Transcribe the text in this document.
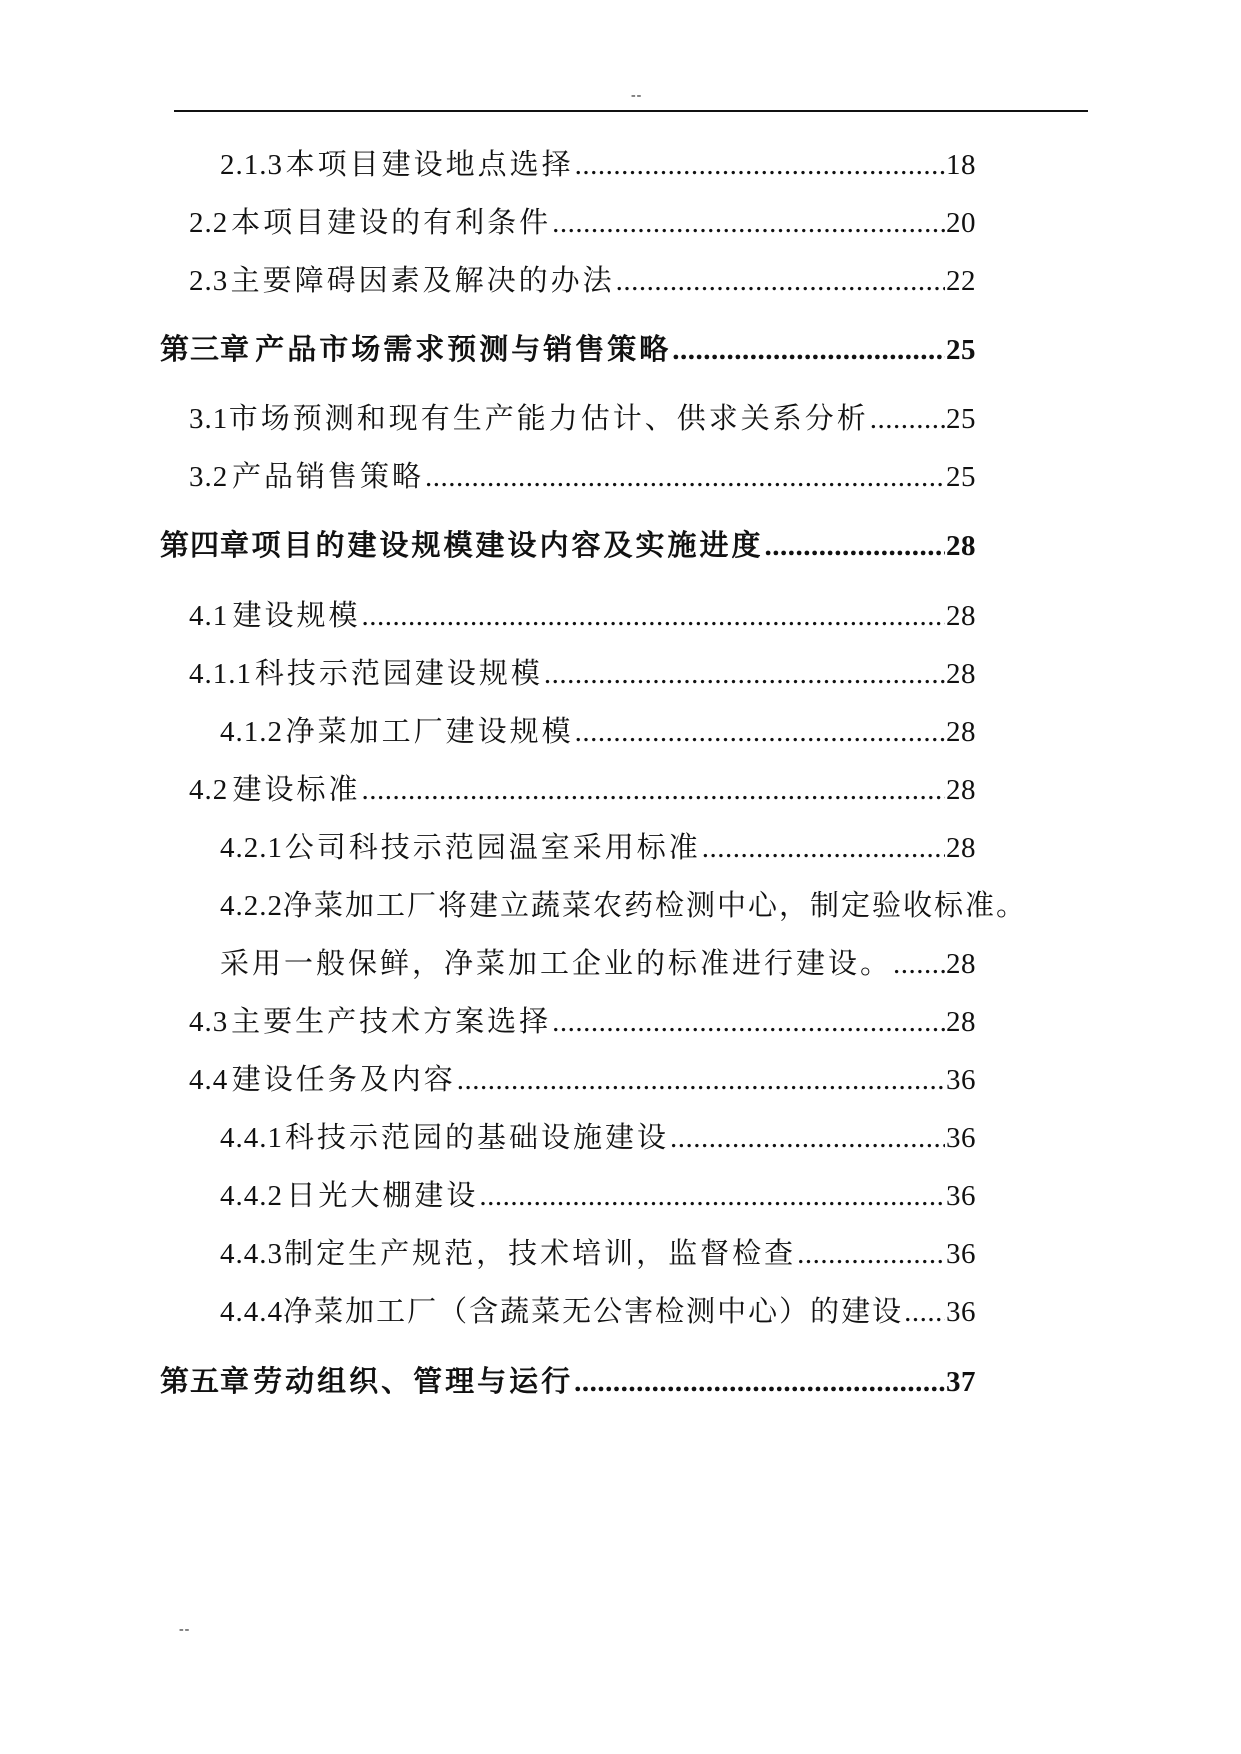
--
2.1.3 本项目建设地点选择 .....	18
2.2 本项目建设的有利条件 .....	20
2.3 主要障碍因素及解决的办法 .....	22
第三章 产品市场需求预测与销售策略 .....	25
3.1 市场预测和现有生产能力估计、供求关系分析 .....	25
3.2 产品销售策略 .....	25
第四章 项目的建设规模建设内容及实施进度 .....	28
4.1 建设规模 .....	28
4.1.1 科技示范园建设规模 .....	28
4.1.2 净菜加工厂建设规模 .....	28
4.2 建设标准 .....	28
4.2.1 公司科技示范园温室采用标准 .....	28
4.2.2 净菜加工厂将建立蔬菜农药检测中心，制定验收标准。
采用一般保鲜，净菜加工企业的标准进行建设。 ..... 28
4.3 主要生产技术方案选择 .....	28
4.4 建设任务及内容 .....	36
4.4.1 科技示范园的基础设施建设 .....	36
4.4.2 日光大棚建设 .....	36
4.4.3 制定生产规范，技术培训，监督检查 .....	36
4.4.4 净菜加工厂（含蔬菜无公害检测中心）的建设 ..... 36
第五章 劳动组织、管理与运行 .....	37
--
